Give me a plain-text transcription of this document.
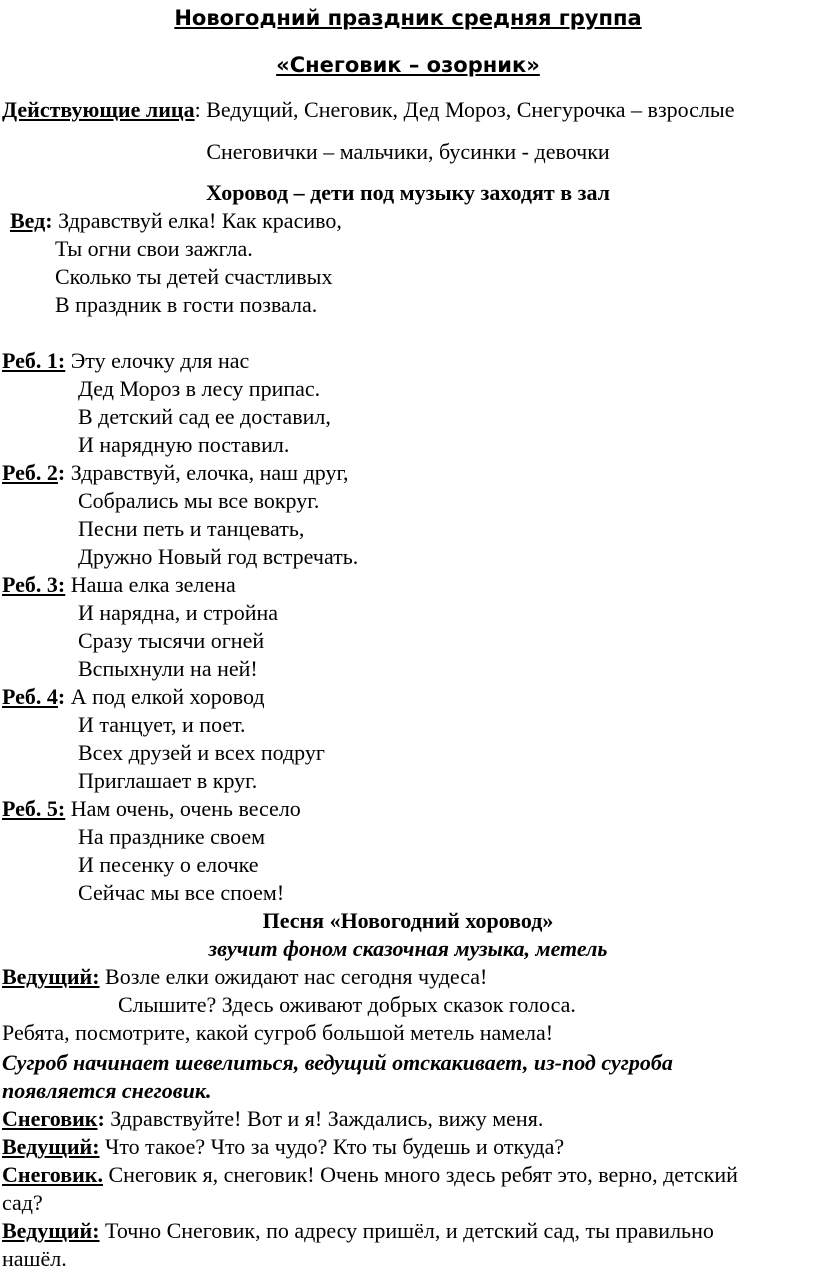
Новогодний праздник средняя группа
«Снеговик – озорник»
Действующие лица: Ведущий, Снеговик, Дед Мороз, Снегурочка – взрослые
Снеговички – мальчики, бусинки - девочки
Хоровод – дети под музыку заходят в зал
Вед: Здравствуй елка! Как красиво,
Ты огни свои зажгла.
Сколько ты детей счастливых
В праздник в гости позвала.
Реб. 1: Эту елочку для нас
Дед Мороз в лесу припас.
В детский сад ее доставил,
И нарядную поставил.
Реб. 2: Здравствуй, елочка, наш друг,
Собрались мы все вокруг.
Песни петь и танцевать,
Дружно Новый год встречать.
Реб. 3: Наша елка зелена
И нарядна, и стройна
Сразу тысячи огней
Вспыхнули на ней!
Реб. 4: А под елкой хоровод
И танцует, и поет.
Всех друзей и всех подруг
Приглашает в круг.
Реб. 5: Нам очень, очень весело
На празднике своем
И песенку о елочке
Сейчас мы все споем!
Песня «Новогодний хоровод»
звучит фоном сказочная музыка, метель
Ведущий: Возле елки ожидают нас сегодня чудеса!
Слышите? Здесь оживают добрых сказок голоса.
Ребята, посмотрите, какой сугроб большой метель намела!
Сугроб начинает шевелиться, ведущий отскакивает, из-под сугроба
появляется снеговик.
Снеговик: Здравствуйте! Вот и я! Заждались, вижу меня.
Ведущий: Что такое? Что за чудо? Кто ты будешь и откуда?
Снеговик. Снеговик я, снеговик! Очень много здесь ребят это, верно, детский
сад?
Ведущий: Точно Снеговик, по адресу пришёл, и детский сад, ты правильно
нашёл.
